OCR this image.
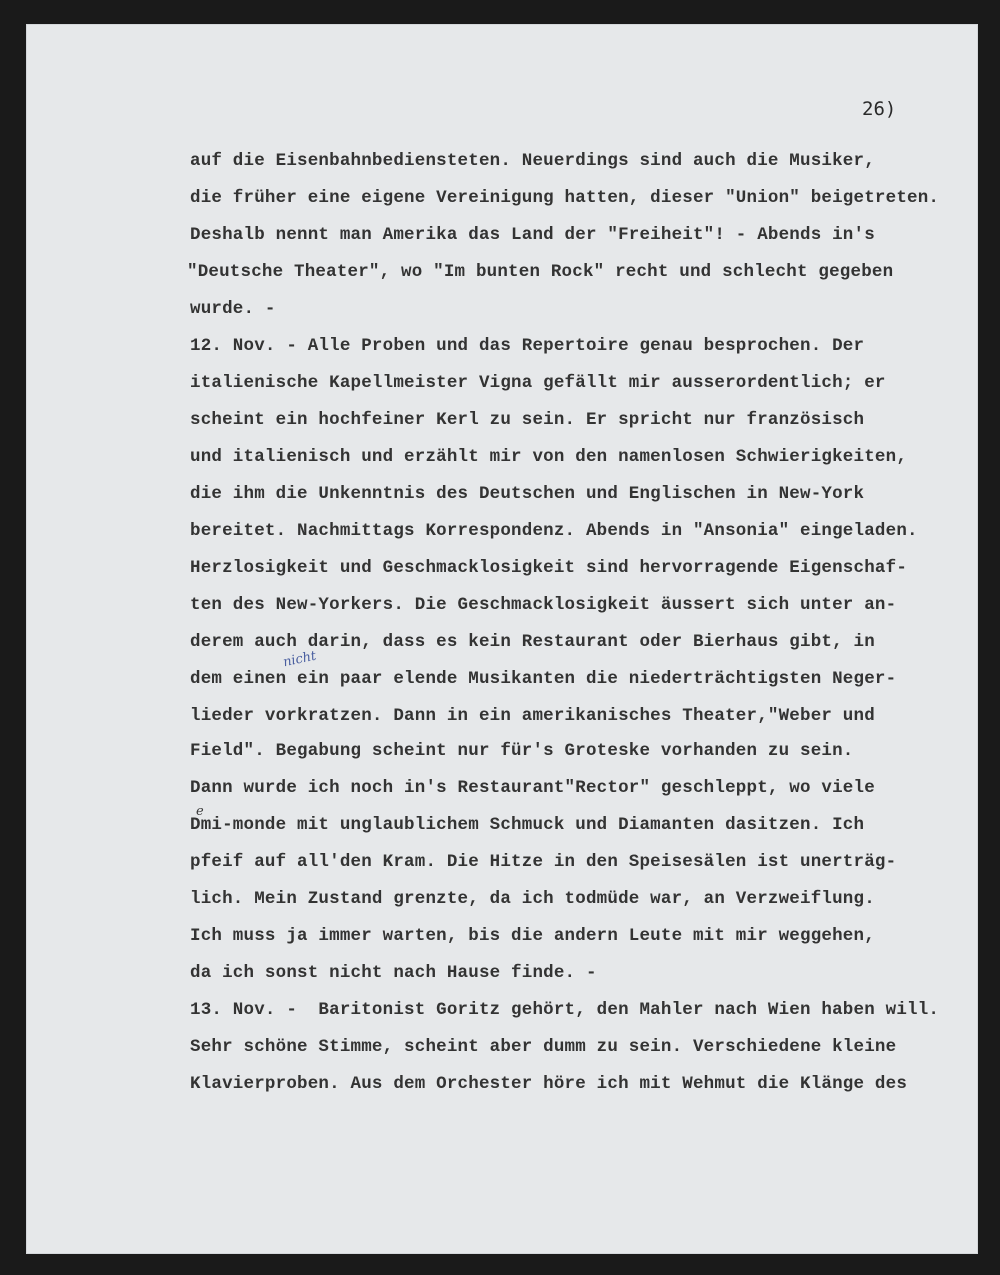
26)
auf die Eisenbahnbediensteten. Neuerdings sind auch die Musiker,
die früher eine eigene Vereinigung hatten, dieser "Union" beigetreten.
Deshalb nennt man Amerika das Land der "Freiheit"! - Abends in's
"Deutsche Theater", wo "Im bunten Rock" recht und schlecht gegeben
wurde. -
12. Nov. - Alle Proben und das Repertoire genau besprochen. Der
italienische Kapellmeister Vigna gefällt mir ausserordentlich; er
scheint ein hochfeiner Kerl zu sein. Er spricht nur französisch
und italienisch und erzählt mir von den namenlosen Schwierigkeiten,
die ihm die Unkenntnis des Deutschen und Englischen in New-York
bereitet. Nachmittags Korrespondenz. Abends in "Ansonia" eingeladen.
Herzlosigkeit und Geschmacklosigkeit sind hervorragende Eigenschaf-
ten des New-Yorkers. Die Geschmacklosigkeit äussert sich unter an-
derem auch darin, dass es kein Restaurant oder Bierhaus gibt, in
dem einen ein paar elende Musikanten die niederträchtigsten Neger-
lieder vorkratzen. Dann in ein amerikanisches Theater,"Weber und
Field". Begabung scheint nur für's Groteske vorhanden zu sein.
Dann wurde ich noch in's Restaurant"Rector" geschleppt, wo viele
Dmi-monde mit unglaublichem Schmuck und Diamanten dasitzen. Ich
pfeif auf all'den Kram. Die Hitze in den Speisesälen ist unerträg-
lich. Mein Zustand grenzte, da ich todmüde war, an Verzweiflung.
Ich muss ja immer warten, bis die andern Leute mit mir weggehen,
da ich sonst nicht nach Hause finde. -
13. Nov. -  Baritonist Goritz gehört, den Mahler nach Wien haben will.
Sehr schöne Stimme, scheint aber dumm zu sein. Verschiedene kleine
Klavierproben. Aus dem Orchester höre ich mit Wehmut die Klänge des
nicht
e
